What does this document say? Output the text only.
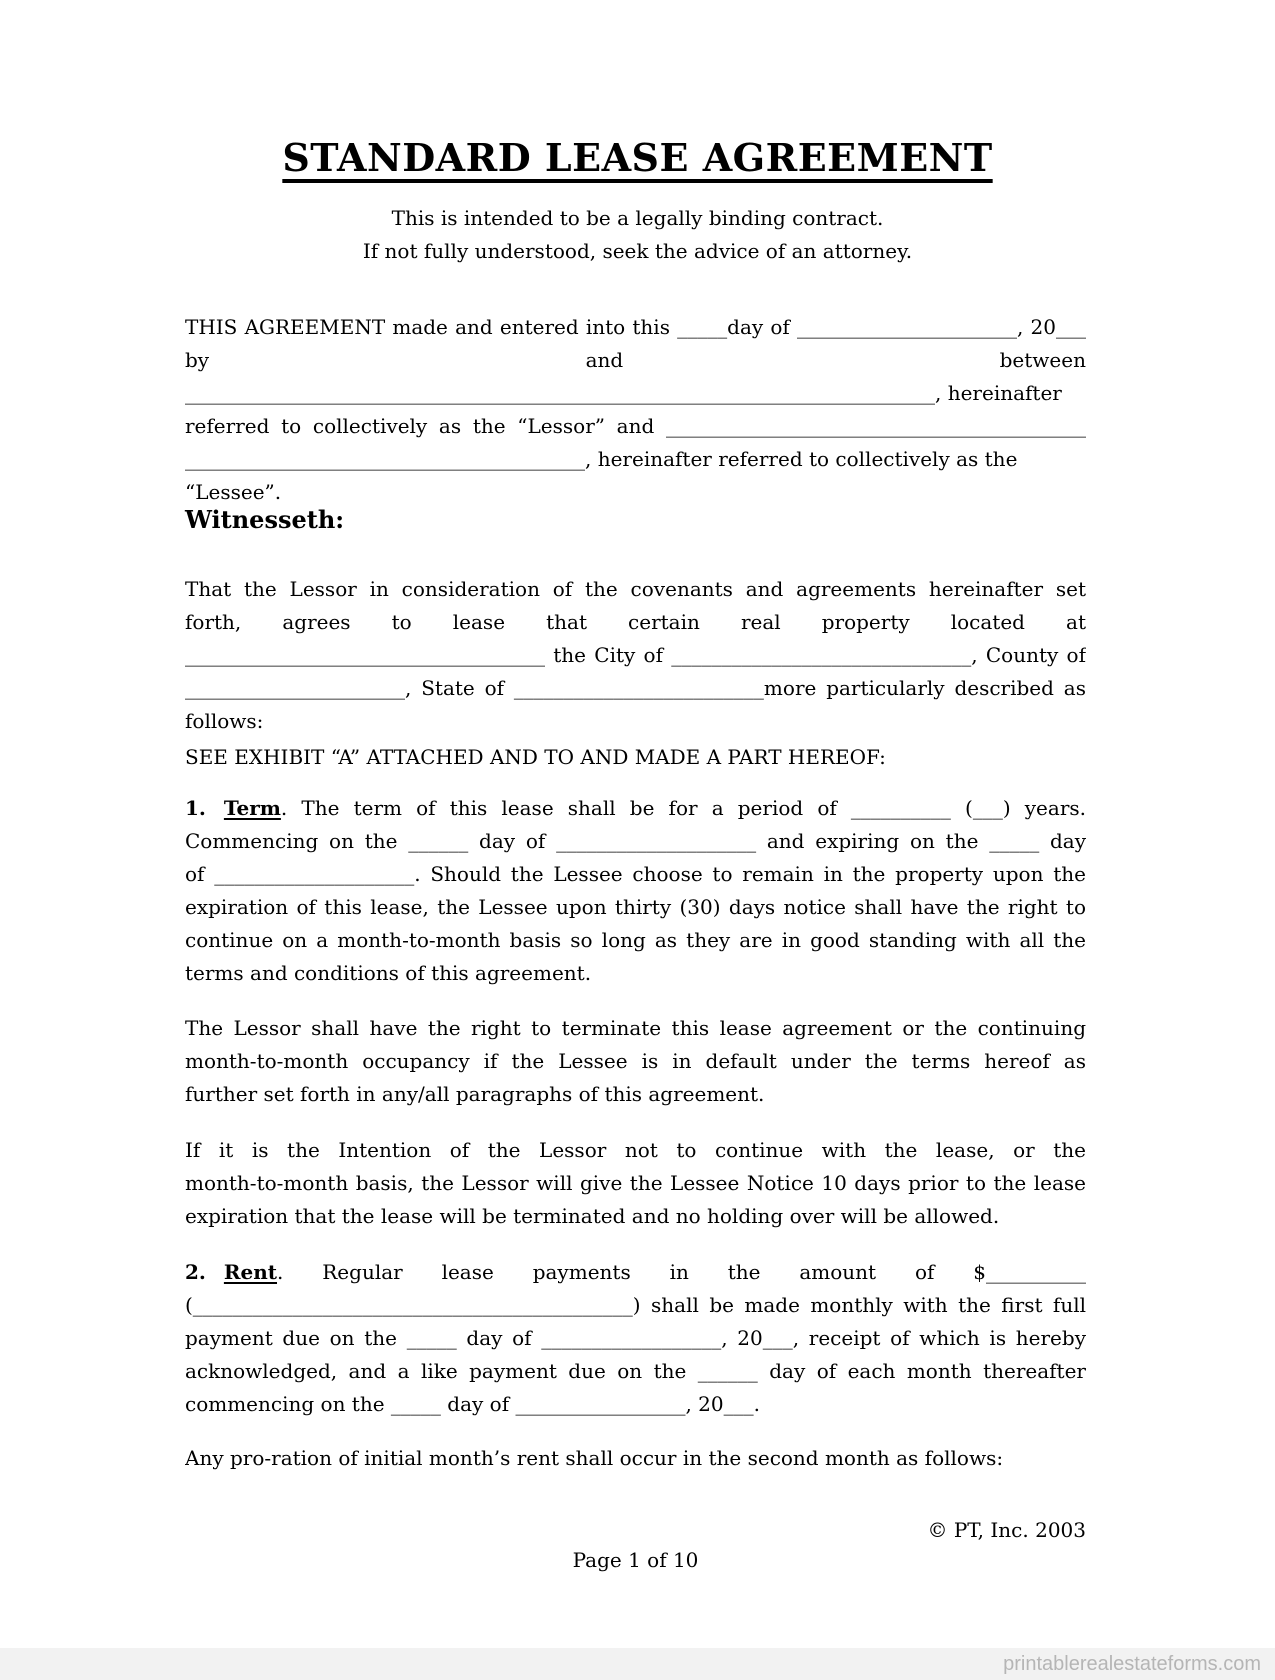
STANDARD LEASE AGREEMENT
This is intended to be a legally binding contract.
If not fully understood, seek the advice of an attorney.
THIS AGREEMENT made and entered into this _____day of ______________________, 20___
by	and	between
___________________________________________________________________________, hereinafter
referred to collectively as the “Lessor” and __________________________________________
________________________________________, hereinafter referred to collectively as the
“Lessee”.
Witnesseth:
That the Lessor in consideration of the covenants and agreements hereinafter set
forth, agrees to lease that certain real property located at
____________________________________ the City of ______________________________, County of
______________________, State of _________________________more particularly described as
follows:
SEE EXHIBIT “A” ATTACHED AND TO AND MADE A PART HEREOF:
1. Term. The term of this lease shall be for a period of __________ (___) years.
Commencing on the ______ day of ____________________ and expiring on the _____ day
of ____________________. Should the Lessee choose to remain in the property upon the
expiration of this lease, the Lessee upon thirty (30) days notice shall have the right to
continue on a month-to-month basis so long as they are in good standing with all the
terms and conditions of this agreement.
The Lessor shall have the right to terminate this lease agreement or the continuing
month-to-month occupancy if the Lessee is in default under the terms hereof as
further set forth in any/all paragraphs of this agreement.
If it is the Intention of the Lessor not to continue with the lease, or the
month-to-month basis, the Lessor will give the Lessee Notice 10 days prior to the lease
expiration that the lease will be terminated and no holding over will be allowed.
2. Rent. Regular lease payments in the amount of $__________
(____________________________________________) shall be made monthly with the first full
payment due on the _____ day of __________________, 20___, receipt of which is hereby
acknowledged, and a like payment due on the ______ day of each month thereafter
commencing on the _____ day of _________________, 20___.
Any pro-ration of initial month’s rent shall occur in the second month as follows:
© PT, Inc. 2003
Page 1 of 10
printablerealestateforms.com
